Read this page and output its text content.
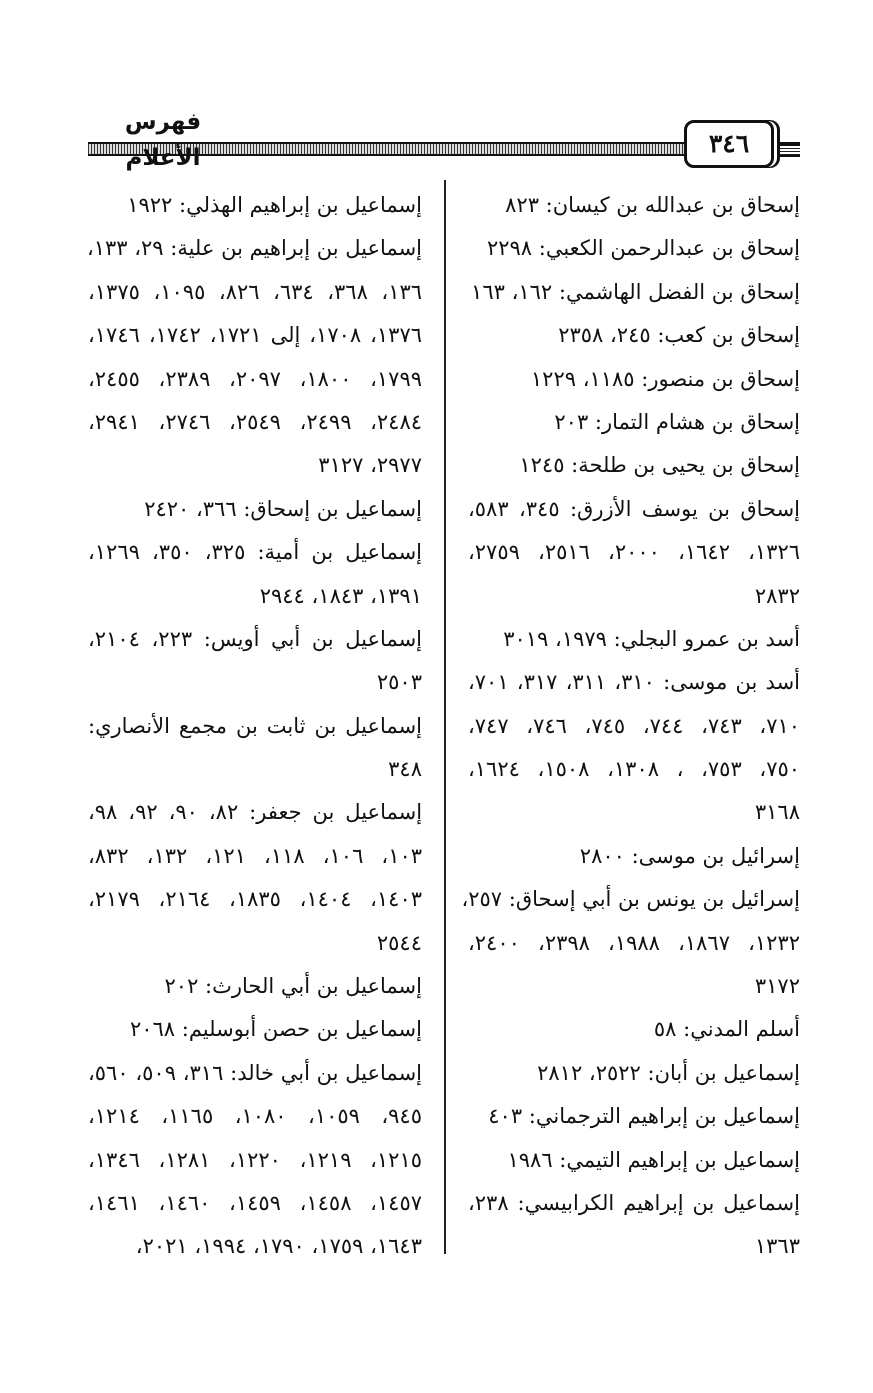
فهرس الأعلام	٣٤٦
إسحاق بن عبدالله بن كيسان: ٨٢٣
إسحاق بن عبدالرحمن الكعبي: ٢٢٩٨
إسحاق بن الفضل الهاشمي: ١٦٢، ١٦٣
إسحاق بن كعب: ٢٤٥، ٢٣٥٨
إسحاق بن منصور: ١١٨٥، ١٢٢٩
إسحاق بن هشام التمار: ٢٠٣
إسحاق بن يحيى بن طلحة: ١٢٤٥
إسحاق بن يوسف الأزرق: ٣٤٥، ٥٨٣،
١٣٢٦، ١٦٤٢، ٢٠٠٠، ٢٥١٦، ٢٧٥٩،
٢٨٣٢
أسد بن عمرو البجلي: ١٩٧٩، ٣٠١٩
أسد بن موسى: ٣١٠، ٣١١، ٣١٧، ٧٠١،
٧١٠، ٧٤٣، ٧٤٤، ٧٤٥، ٧٤٦، ٧٤٧،
٧٥٠، ٧٥٣، ، ١٣٠٨، ١٥٠٨، ١٦٢٤،
٣١٦٨
إسرائيل بن موسى: ٢٨٠٠
إسرائيل بن يونس بن أبي إسحاق: ٢٥٧،
١٢٣٢، ١٨٦٧، ١٩٨٨، ٢٣٩٨، ٢٤٠٠،
٣١٧٢
أسلم المدني: ٥٨
إسماعيل بن أبان: ٢٥٢٢، ٢٨١٢
إسماعيل بن إبراهيم الترجماني: ٤٠٣
إسماعيل بن إبراهيم التيمي: ١٩٨٦
إسماعيل بن إبراهيم الكرابيسي: ٢٣٨،
١٣٦٣
إسماعيل بن إبراهيم الهذلي: ١٩٢٢
إسماعيل بن إبراهيم بن علية: ٢٩، ١٣٣،
١٣٦، ٣٦٨، ٦٣٤، ٨٢٦، ١٠٩٥، ١٣٧٥،
١٣٧٦، ١٧٠٨، إلى ١٧٢١، ١٧٤٢، ١٧٤٦،
١٧٩٩، ١٨٠٠، ٢٠٩٧، ٢٣٨٩، ٢٤٥٥،
٢٤٨٤، ٢٤٩٩، ٢٥٤٩، ٢٧٤٦، ٢٩٤١،
٢٩٧٧، ٣١٢٧
إسماعيل بن إسحاق: ٣٦٦، ٢٤٢٠
إسماعيل بن أمية: ٣٢٥، ٣٥٠، ١٢٦٩،
١٣٩١، ١٨٤٣، ٢٩٤٤
إسماعيل بن أبي أويس: ٢٢٣، ٢١٠٤،
٢٥٠٣
إسماعيل بن ثابت بن مجمع الأنصاري:
٣٤٨
إسماعيل بن جعفر: ٨٢، ٩٠، ٩٢، ٩٨،
١٠٣، ١٠٦، ١١٨، ١٢١، ١٣٢، ٨٣٢،
١٤٠٣، ١٤٠٤، ١٨٣٥، ٢١٦٤، ٢١٧٩،
٢٥٤٤
إسماعيل بن أبي الحارث: ٢٠٢
إسماعيل بن حصن أبوسليم: ٢٠٦٨
إسماعيل بن أبي خالد: ٣١٦، ٥٠٩، ٥٦٠،
٩٤٥، ١٠٥٩، ١٠٨٠، ١١٦٥، ١٢١٤،
١٢١٥، ١٢١٩، ١٢٢٠، ١٢٨١، ١٣٤٦،
١٤٥٧، ١٤٥٨، ١٤٥٩، ١٤٦٠، ١٤٦١،
١٦٤٣، ١٧٥٩، ١٧٩٠، ١٩٩٤، ٢٠٢١،
